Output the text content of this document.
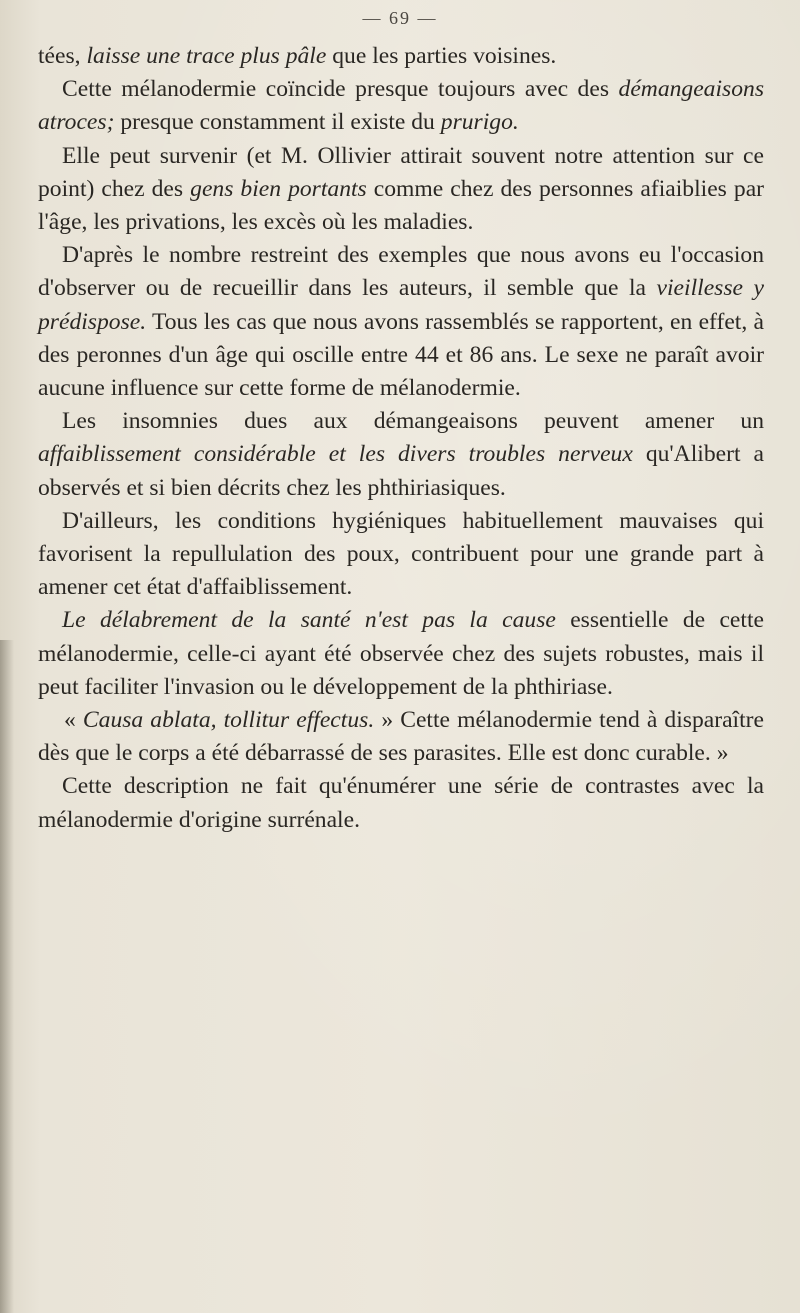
— 69 —

tées, laisse une trace plus pâle que les parties voisines.

Cette mélanodermie coïncide presque toujours avec des démangeaisons atroces; presque constamment il existe du prurigo.

Elle peut survenir (et M. Ollivier attirait souvent notre attention sur ce point) chez des gens bien portants comme chez des personnes afiaiblies par l'âge, les privations, les excès où les maladies.

D'après le nombre restreint des exemples que nous avons eu l'occasion d'observer ou de recueillir dans les auteurs, il semble que la vieillesse y prédispose. Tous les cas que nous avons rassemblés se rapportent, en effet, à des peronnes d'un âge qui oscille entre 44 et 86 ans. Le sexe ne paraît avoir aucune influence sur cette forme de mélanodermie.

Les insomnies dues aux démangeaisons peuvent amener un affaiblissement considérable et les divers troubles nerveux qu'Alibert a observés et si bien décrits chez les phthiriasiques.

D'ailleurs, les conditions hygiéniques habituellement mauvaises qui favorisent la repullulation des poux, contribuent pour une grande part à amener cet état d'affaiblissement.

Le délabrement de la santé n'est pas la cause essentielle de cette mélanodermie, celle-ci ayant été observée chez des sujets robustes, mais il peut faciliter l'invasion ou le développement de la phthiriase.

« Causa ablata, tollitur effectus. » Cette mélanodermie tend à disparaître dès que le corps a été débarrassé de ses parasites. Elle est donc curable. »

Cette description ne fait qu'énumérer une série de contrastes avec la mélanodermie d'origine surrénale.
